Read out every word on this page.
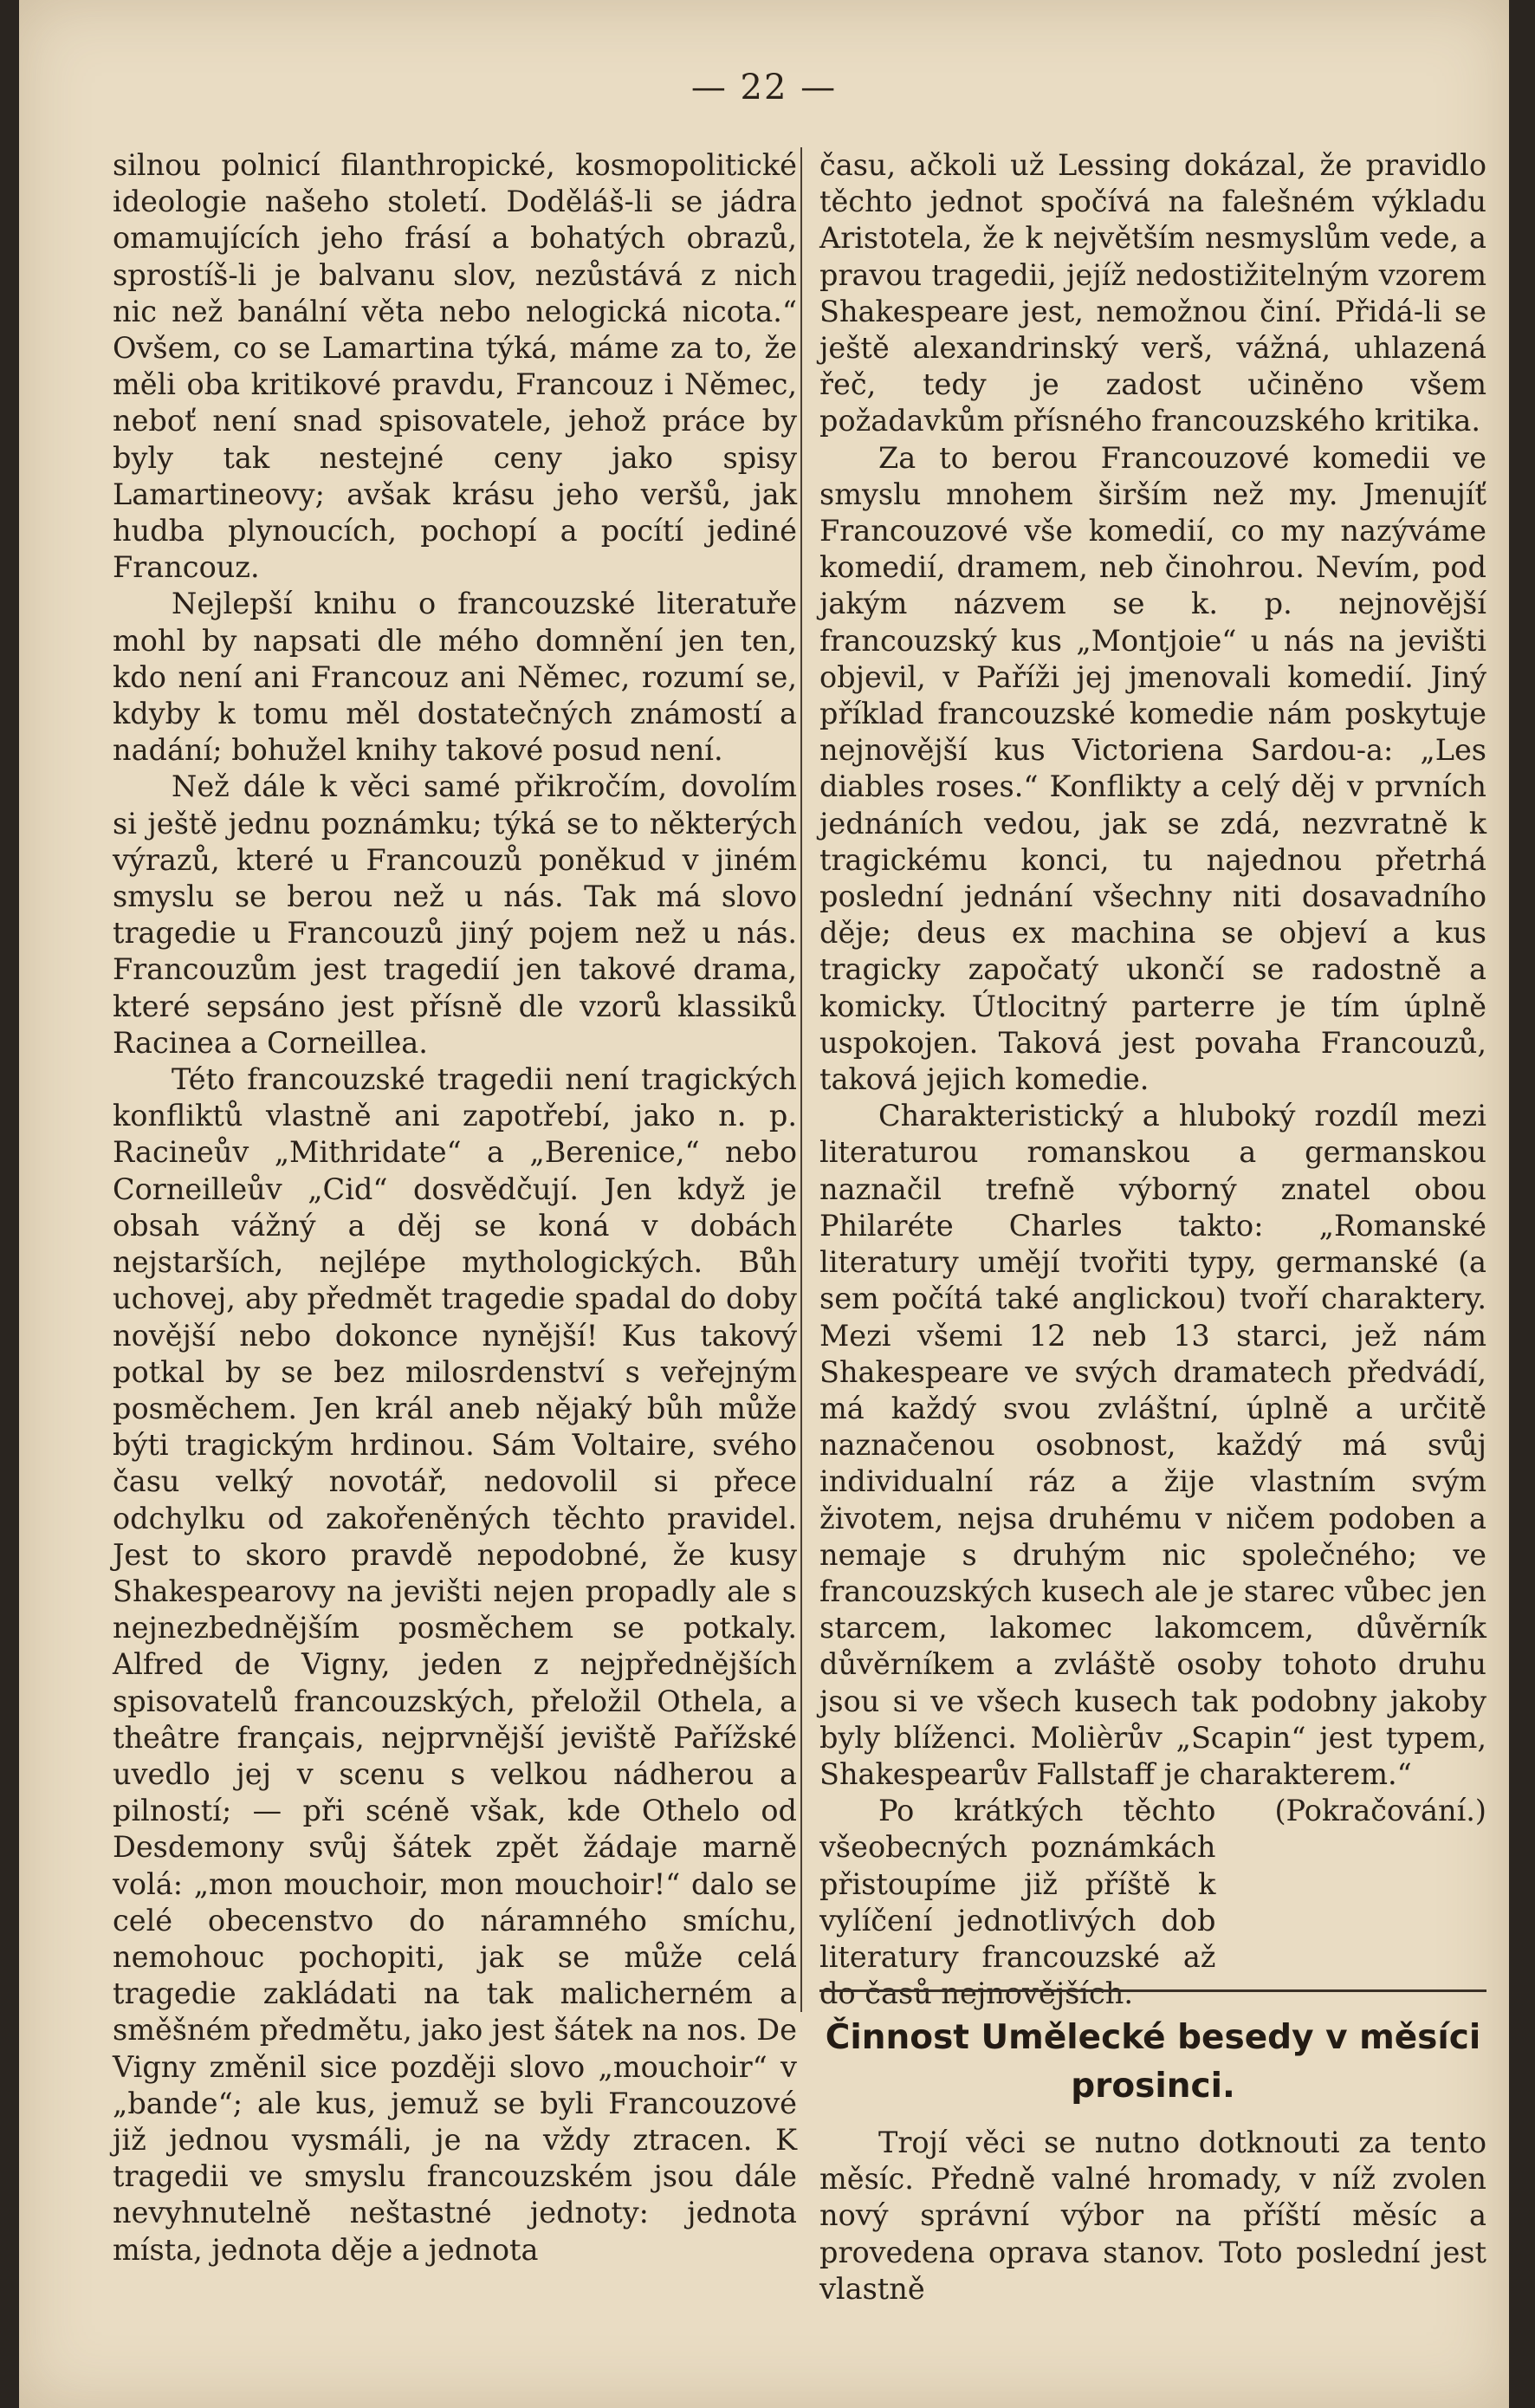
— 22 —

silnou polnicí filanthropické, kosmopolitické ideologie našeho století. Doděláš-li se jádra omamujících jeho frásí a bohatých obrazů, sprostíš-li je balvanu slov, nezůstává z nich nic než banální věta nebo nelogická nicota.“ Ovšem, co se Lamartina týká, máme za to, že měli oba kritikové pravdu, Francouz i Němec, neboť není snad spisovatele, jehož práce by byly tak nestejné ceny jako spisy Lamartineovy; avšak krásu jeho veršů, jak hudba plynoucích, pochopí a pocítí jediné Francouz.

Nejlepší knihu o francouzské literatuře mohl by napsati dle mého domnění jen ten, kdo není ani Francouz ani Němec, rozumí se, kdyby k tomu měl dostatečných známostí a nadání; bohužel knihy takové posud není.

Než dále k věci samé přikročím, dovolím si ještě jednu poznámku; týká se to některých výrazů, které u Francouzů poněkud v jiném smyslu se berou než u nás. Tak má slovo tragedie u Francouzů jiný pojem než u nás. Francouzům jest tragedií jen takové drama, které sepsáno jest přísně dle vzorů klassiků Racinea a Corneillea.

Této francouzské tragedii není tragických konfliktů vlastně ani zapotřebí, jako n. p. Racineův „Mithridate“ a „Berenice,“ nebo Corneilleův „Cid“ dosvědčují. Jen když je obsah vážný a děj se koná v dobách nejstarších, nejlépe mythologických. Bůh uchovej, aby předmět tragedie spadal do doby novější nebo dokonce nynější! Kus takový potkal by se bez milosrdenství s veřejným posměchem. Jen král aneb nějaký bůh může býti tragickým hrdinou. Sám Voltaire, svého času velký novotář, nedovolil si přece odchylku od zakořeněných těchto pravidel. Jest to skoro pravdě nepodobné, že kusy Shakespearovy na jevišti nejen propadly ale s nejnezbednějším posměchem se potkaly. Alfred de Vigny, jeden z nejpřednějších spisovatelů francouzských, přeložil Othela, a theâtre français, nejprvnější jeviště Pařížské uvedlo jej v scenu s velkou nádherou a pilností; — při scéně však, kde Othelo od Desdemony svůj šátek zpět žádaje marně volá: „mon mouchoir, mon mouchoir!“ dalo se celé obecenstvo do náramného smíchu, nemohouc pochopiti, jak se může celá tragedie zakládati na tak malicherném a směšném předmětu, jako jest šátek na nos. De Vigny změnil sice později slovo „mouchoir“ v „bande“; ale kus, jemuž se byli Francouzové již jednou vysmáli, je na vždy ztracen. K tragedii ve smyslu francouzském jsou dále nevyhnutelně neštastné jednoty: jednota místa, jednota děje a jednota

času, ačkoli už Lessing dokázal, že pravidlo těchto jednot spočívá na falešném výkladu Aristotela, že k největším nesmyslům vede, a pravou tragedii, jejíž nedostižitelným vzorem Shakespeare jest, nemožnou činí. Přidá-li se ještě alexandrinský verš, vážná, uhlazená řeč, tedy je zadost učiněno všem požadavkům přísného francouzského kritika.

Za to berou Francouzové komedii ve smyslu mnohem širším než my. Jmenujíť Francouzové vše komedií, co my nazýváme komedií, dramem, neb činohrou. Nevím, pod jakým názvem se k. p. nejnovější francouzský kus „Montjoie“ u nás na jevišti objevil, v Paříži jej jmenovali komedií. Jiný příklad francouzské komedie nám poskytuje nejnovější kus Victoriena Sardou-a: „Les diables roses.“ Konflikty a celý děj v prvních jednáních vedou, jak se zdá, nezvratně k tragickému konci, tu najednou přetrhá poslední jednání všechny niti dosavadního děje; deus ex machina se objeví a kus tragicky započatý ukončí se radostně a komicky. Útlocitný parterre je tím úplně uspokojen. Taková jest povaha Francouzů, taková jejich komedie.

Charakteristický a hluboký rozdíl mezi literaturou romanskou a germanskou naznačil trefně výborný znatel obou Philaréte Charles takto: „Romanské literatury umějí tvořiti typy, germanské (a sem počítá také anglickou) tvoří charaktery. Mezi všemi 12 neb 13 starci, jež nám Shakespeare ve svých dramatech předvádí, má každý svou zvláštní, úplně a určitě naznačenou osobnost, každý má svůj individualní ráz a žije vlastním svým životem, nejsa druhému v ničem podoben a nemaje s druhým nic společného; ve francouzských kusech ale je starec vůbec jen starcem, lakomec lakomcem, důvěrník důvěrníkem a zvláště osoby tohoto druhu jsou si ve všech kusech tak podobny jakoby byly blíženci. Molièrův „Scapin“ jest typem, Shakespearův Fallstaff je charakterem.“

Po krátkých těchto všeobecných poznámkách přistoupíme již příště k vylíčení jednotlivých dob literatury francouzské až do časů nejnovějších.
(Pokračování.)

Činnost Umělecké besedy v měsíci prosinci.

Trojí věci se nutno dotknouti za tento měsíc. Předně valné hromady, v níž zvolen nový správní výbor na příští měsíc a provedena oprava stanov. Toto poslední jest vlastně
